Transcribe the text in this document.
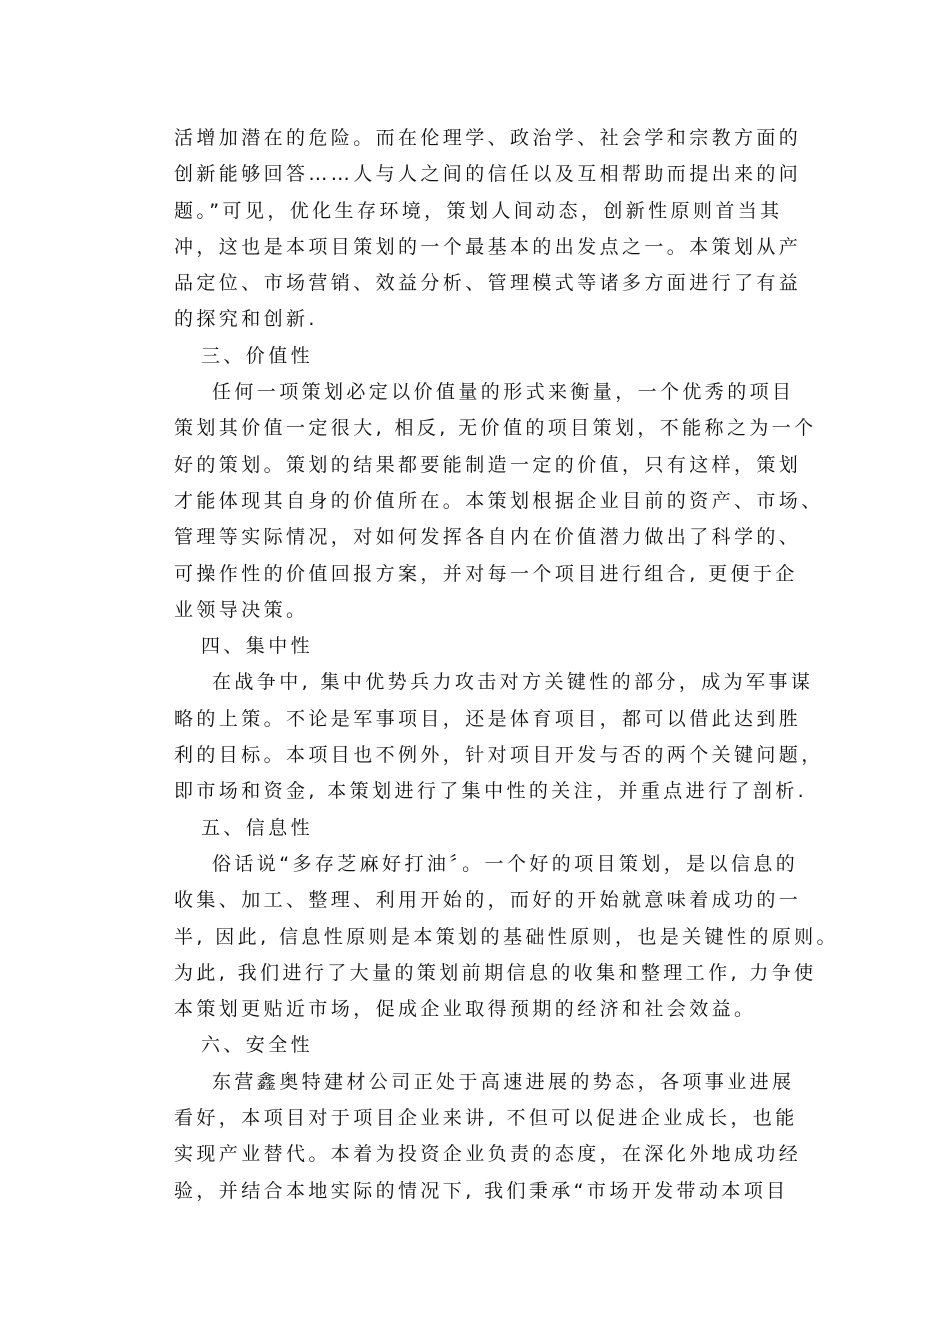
活增加潜在的危险。而在伦理学、政治学、社会学和宗教方面的
创新能够回答……人与人之间的信任以及互相帮助而提出来的问
题。”可见，优化生存环境，策划人间动态，创新性原则首当其
冲，这也是本项目策划的一个最基本的出发点之一。本策划从产
品定位、市场营销、效益分析、管理模式等诸多方面进行了有益
的探究和创新.
三、价值性
任何一项策划必定以价值量的形式来衡量，一个优秀的项目
策划其价值一定很大, 相反, 无价值的项目策划，不能称之为一个
好的策划。策划的结果都要能制造一定的价值，只有这样，策划
才能体现其自身的价值所在。本策划根据企业目前的资产、市场、
管理等实际情况，对如何发挥各自内在价值潜力做出了科学的、
可操作性的价值回报方案，并对每一个项目进行组合, 更便于企
业领导决策。
四、集中性
在战争中, 集中优势兵力攻击对方关键性的部分，成为军事谋
略的上策。不论是军事项目，还是体育项目，都可以借此达到胜
利的目标。本项目也不例外，针对项目开发与否的两个关键问题，
即市场和资金, 本策划进行了集中性的关注，并重点进行了剖析.
五、信息性
俗话说“多存芝麻好打油〞。一个好的项目策划，是以信息的
收集、加工、整理、利用开始的，而好的开始就意味着成功的一
半, 因此, 信息性原则是本策划的基础性原则，也是关键性的原则。
为此, 我们进行了大量的策划前期信息的收集和整理工作, 力争使
本策划更贴近市场，促成企业取得预期的经济和社会效益。
六、安全性
东营鑫奥特建材公司正处于高速进展的势态，各项事业进展
看好，本项目对于项目企业来讲, 不但可以促进企业成长，也能
实现产业替代。本着为投资企业负责的态度，在深化外地成功经
验，并结合本地实际的情况下, 我们秉承“市场开发带动本项目
